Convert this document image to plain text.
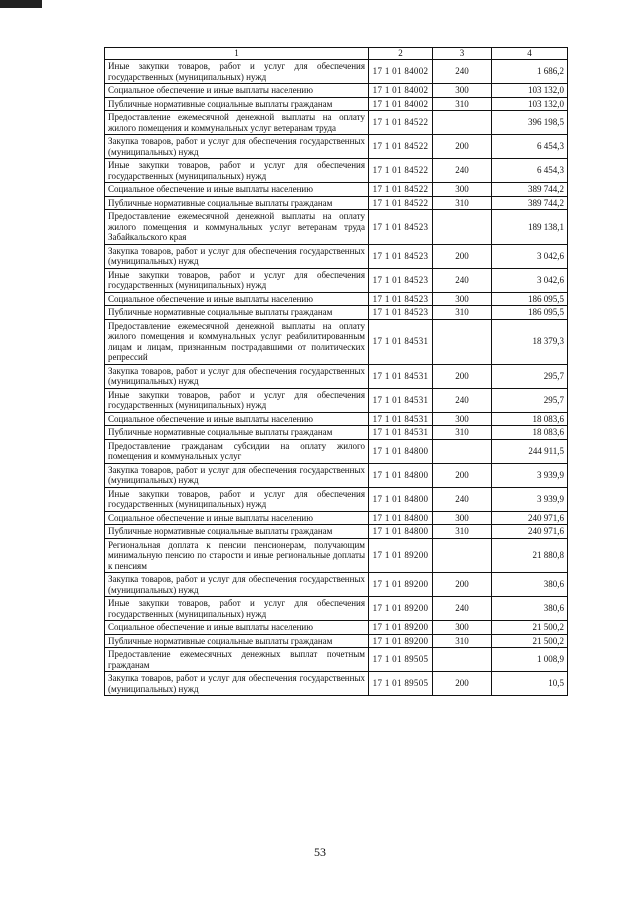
1	2	3	4
Иные закупки товаров, работ и услуг для обеспечения государственных (муниципальных) нужд	17 1 01 84002	240	1 686,2
Социальное обеспечение и иные выплаты населению	17 1 01 84002	300	103 132,0
Публичные нормативные социальные выплаты гражданам	17 1 01 84002	310	103 132,0
Предоставление ежемесячной денежной выплаты на оплату жилого помещения и коммунальных услуг ветеранам труда	17 1 01 84522		396 198,5
Закупка товаров, работ и услуг для обеспечения государственных (муниципальных) нужд	17 1 01 84522	200	6 454,3
Иные закупки товаров, работ и услуг для обеспечения государственных (муниципальных) нужд	17 1 01 84522	240	6 454,3
Социальное обеспечение и иные выплаты населению	17 1 01 84522	300	389 744,2
Публичные нормативные социальные выплаты гражданам	17 1 01 84522	310	389 744,2
Предоставление ежемесячной денежной выплаты на оплату жилого помещения и коммунальных услуг ветеранам труда Забайкальского края	17 1 01 84523		189 138,1
Закупка товаров, работ и услуг для обеспечения государственных (муниципальных) нужд	17 1 01 84523	200	3 042,6
Иные закупки товаров, работ и услуг для обеспечения государственных (муниципальных) нужд	17 1 01 84523	240	3 042,6
Социальное обеспечение и иные выплаты населению	17 1 01 84523	300	186 095,5
Публичные нормативные социальные выплаты гражданам	17 1 01 84523	310	186 095,5
Предоставление ежемесячной денежной выплаты на оплату жилого помещения и коммунальных услуг реабилитированным лицам и лицам, признанным пострадавшими от политических репрессий	17 1 01 84531		18 379,3
Закупка товаров, работ и услуг для обеспечения государственных (муниципальных) нужд	17 1 01 84531	200	295,7
Иные закупки товаров, работ и услуг для обеспечения государственных (муниципальных) нужд	17 1 01 84531	240	295,7
Социальное обеспечение и иные выплаты населению	17 1 01 84531	300	18 083,6
Публичные нормативные социальные выплаты гражданам	17 1 01 84531	310	18 083,6
Предоставление гражданам субсидии на оплату жилого помещения и коммунальных услуг	17 1 01 84800		244 911,5
Закупка товаров, работ и услуг для обеспечения государственных (муниципальных) нужд	17 1 01 84800	200	3 939,9
Иные закупки товаров, работ и услуг для обеспечения государственных (муниципальных) нужд	17 1 01 84800	240	3 939,9
Социальное обеспечение и иные выплаты населению	17 1 01 84800	300	240 971,6
Публичные нормативные социальные выплаты гражданам	17 1 01 84800	310	240 971,6
Региональная доплата к пенсии пенсионерам, получающим минимальную пенсию по старости и иные региональные доплаты к пенсиям	17 1 01 89200		21 880,8
Закупка товаров, работ и услуг для обеспечения государственных (муниципальных) нужд	17 1 01 89200	200	380,6
Иные закупки товаров, работ и услуг для обеспечения государственных (муниципальных) нужд	17 1 01 89200	240	380,6
Социальное обеспечение и иные выплаты населению	17 1 01 89200	300	21 500,2
Публичные нормативные социальные выплаты гражданам	17 1 01 89200	310	21 500,2
Предоставление ежемесячных денежных выплат почетным гражданам	17 1 01 89505		1 008,9
Закупка товаров, работ и услуг для обеспечения государственных (муниципальных) нужд	17 1 01 89505	200	10,5
53
